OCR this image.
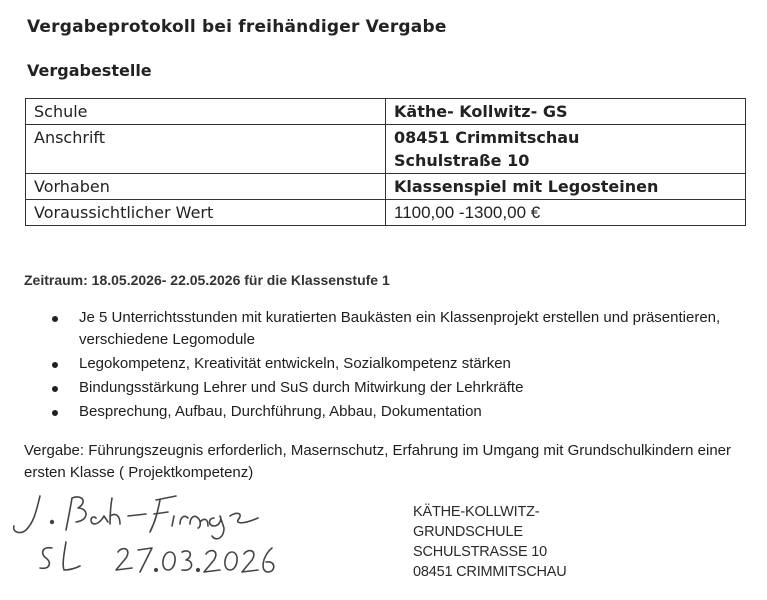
Vergabeprotokoll bei freihändiger Vergabe
Vergabestelle
Schule	Käthe- Kollwitz- GS
Anschrift	08451 Crimmitschau
Schulstraße 10

Vorhaben	Klassenspiel mit Legosteinen
Voraussichtlicher Wert	1100,00 -1300,00 €

Zeitraum: 18.05.2026- 22.05.2026 für die Klassenstufe 1

Je 5 Unterrichtsstunden mit kuratierten Baukästen ein Klassenprojekt erstellen und präsentieren, verschiedene Legomodule
Legokompetenz, Kreativität entwickeln, Sozialkompetenz stärken
Bindungsstärkung Lehrer und SuS durch Mitwirkung der Lehrkräfte
Besprechung, Aufbau, Durchführung, Abbau, Dokumentation

Vergabe: Führungszeugnis erforderlich, Masernschutz, Erfahrung im Umgang mit Grundschulkindern einer ersten Klasse ( Projektkompetenz)

KÄTHE-KOLLWITZ-
GRUNDSCHULE
SCHULSTRASSE 10
08451 CRIMMITSCHAU
